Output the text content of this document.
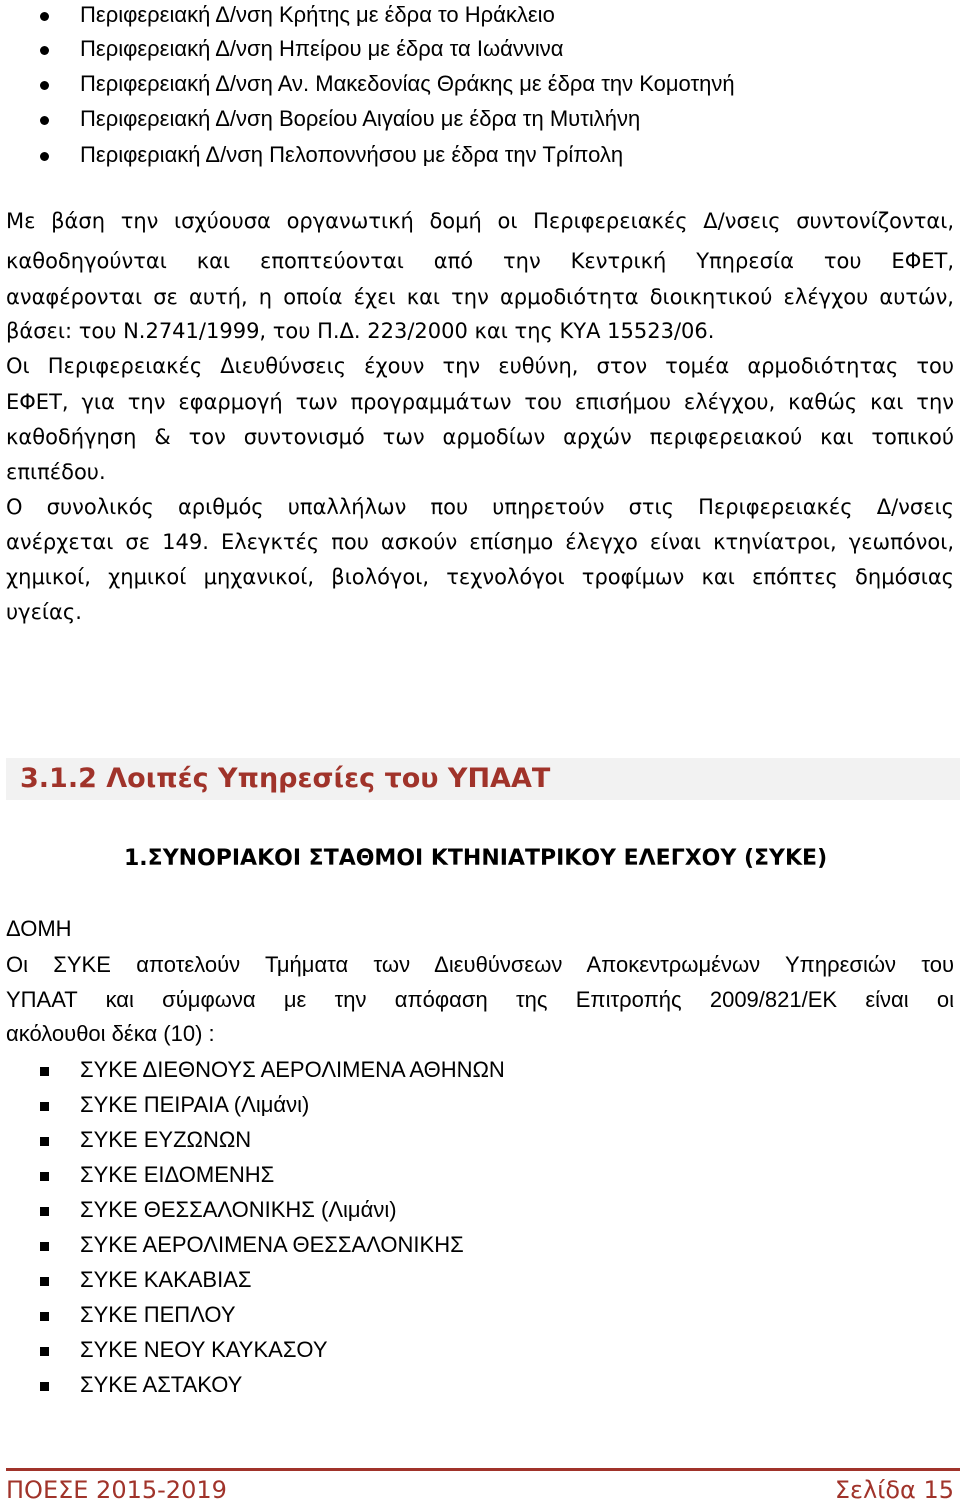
Περιφερειακή Δ/νση Κρήτης με έδρα το Ηράκλειο
Περιφερειακή Δ/νση Ηπείρου με έδρα τα Ιωάννινα
Περιφερειακή Δ/νση Αν. Μακεδονίας Θράκης με έδρα την Κομοτηνή
Περιφερειακή Δ/νση Βορείου Αιγαίου με έδρα τη Μυτιλήνη
Περιφεριακή Δ/νση Πελοποννήσου με έδρα την Τρίπολη
Με βάση την ισχύουσα οργανωτική δομή οι Περιφερειακές Δ/νσεις συντονίζονται,
καθοδηγούνται και εποπτεύονται από την Κεντρική Υπηρεσία του ΕΦΕΤ,
αναφέρονται σε αυτή, η οποία έχει και την αρμοδιότητα διοικητικού ελέγχου αυτών,
βάσει: του Ν.2741/1999, του Π.Δ. 223/2000 και της ΚΥΑ 15523/06.
Οι Περιφερειακές Διευθύνσεις έχουν την ευθύνη, στον τομέα αρμοδιότητας του
ΕΦΕΤ, για την εφαρμογή των προγραμμάτων του επισήμου ελέγχου, καθώς και την
καθοδήγηση & τον συντονισμό των αρμοδίων αρχών περιφερειακού και τοπικού
επιπέδου.
Ο συνολικός αριθμός υπαλλήλων που υπηρετούν στις Περιφερειακές Δ/νσεις
ανέρχεται σε 149. Ελεγκτές που ασκούν επίσημο έλεγχο είναι κτηνίατροι, γεωπόνοι,
χημικοί, χημικοί μηχανικοί, βιολόγοι, τεχνολόγοι τροφίμων και επόπτες δημόσιας
υγείας.
3.1.2 Λοιπές Υπηρεσίες του ΥΠΑΑΤ
1.ΣΥΝΟΡΙΑΚΟΙ ΣΤΑΘΜΟΙ ΚΤΗΝΙΑΤΡΙΚΟΥ ΕΛΕΓΧΟΥ (ΣΥΚΕ)
ΔΟΜΗ
Οι ΣΥΚΕ αποτελούν Τμήματα των Διευθύνσεων Αποκεντρωμένων Υπηρεσιών του
ΥΠΑΑΤ και σύμφωνα με την απόφαση της Επιτροπής 2009/821/ΕΚ είναι οι
ακόλουθοι δέκα (10) :
ΣΥΚΕ ΔΙΕΘΝΟΥΣ ΑΕΡΟΛΙΜΕΝΑ ΑΘΗΝΩΝ
ΣΥΚΕ ΠΕΙΡΑΙΑ (Λιμάνι)
ΣΥΚΕ ΕΥΖΩΝΩΝ
ΣΥΚΕ ΕΙΔΟΜΕΝΗΣ
ΣΥΚΕ ΘΕΣΣΑΛΟΝΙΚΗΣ (Λιμάνι)
ΣΥΚΕ ΑΕΡΟΛΙΜΕΝΑ ΘΕΣΣΑΛΟΝΙΚΗΣ
ΣΥΚΕ ΚΑΚΑΒΙΑΣ
ΣΥΚΕ ΠΕΠΛΟΥ
ΣΥΚΕ ΝΕΟΥ ΚΑΥΚΑΣΟΥ
ΣΥΚΕ ΑΣΤΑΚΟΥ
ΠΟΕΣΕ 2015-2019	Σελίδα 15
